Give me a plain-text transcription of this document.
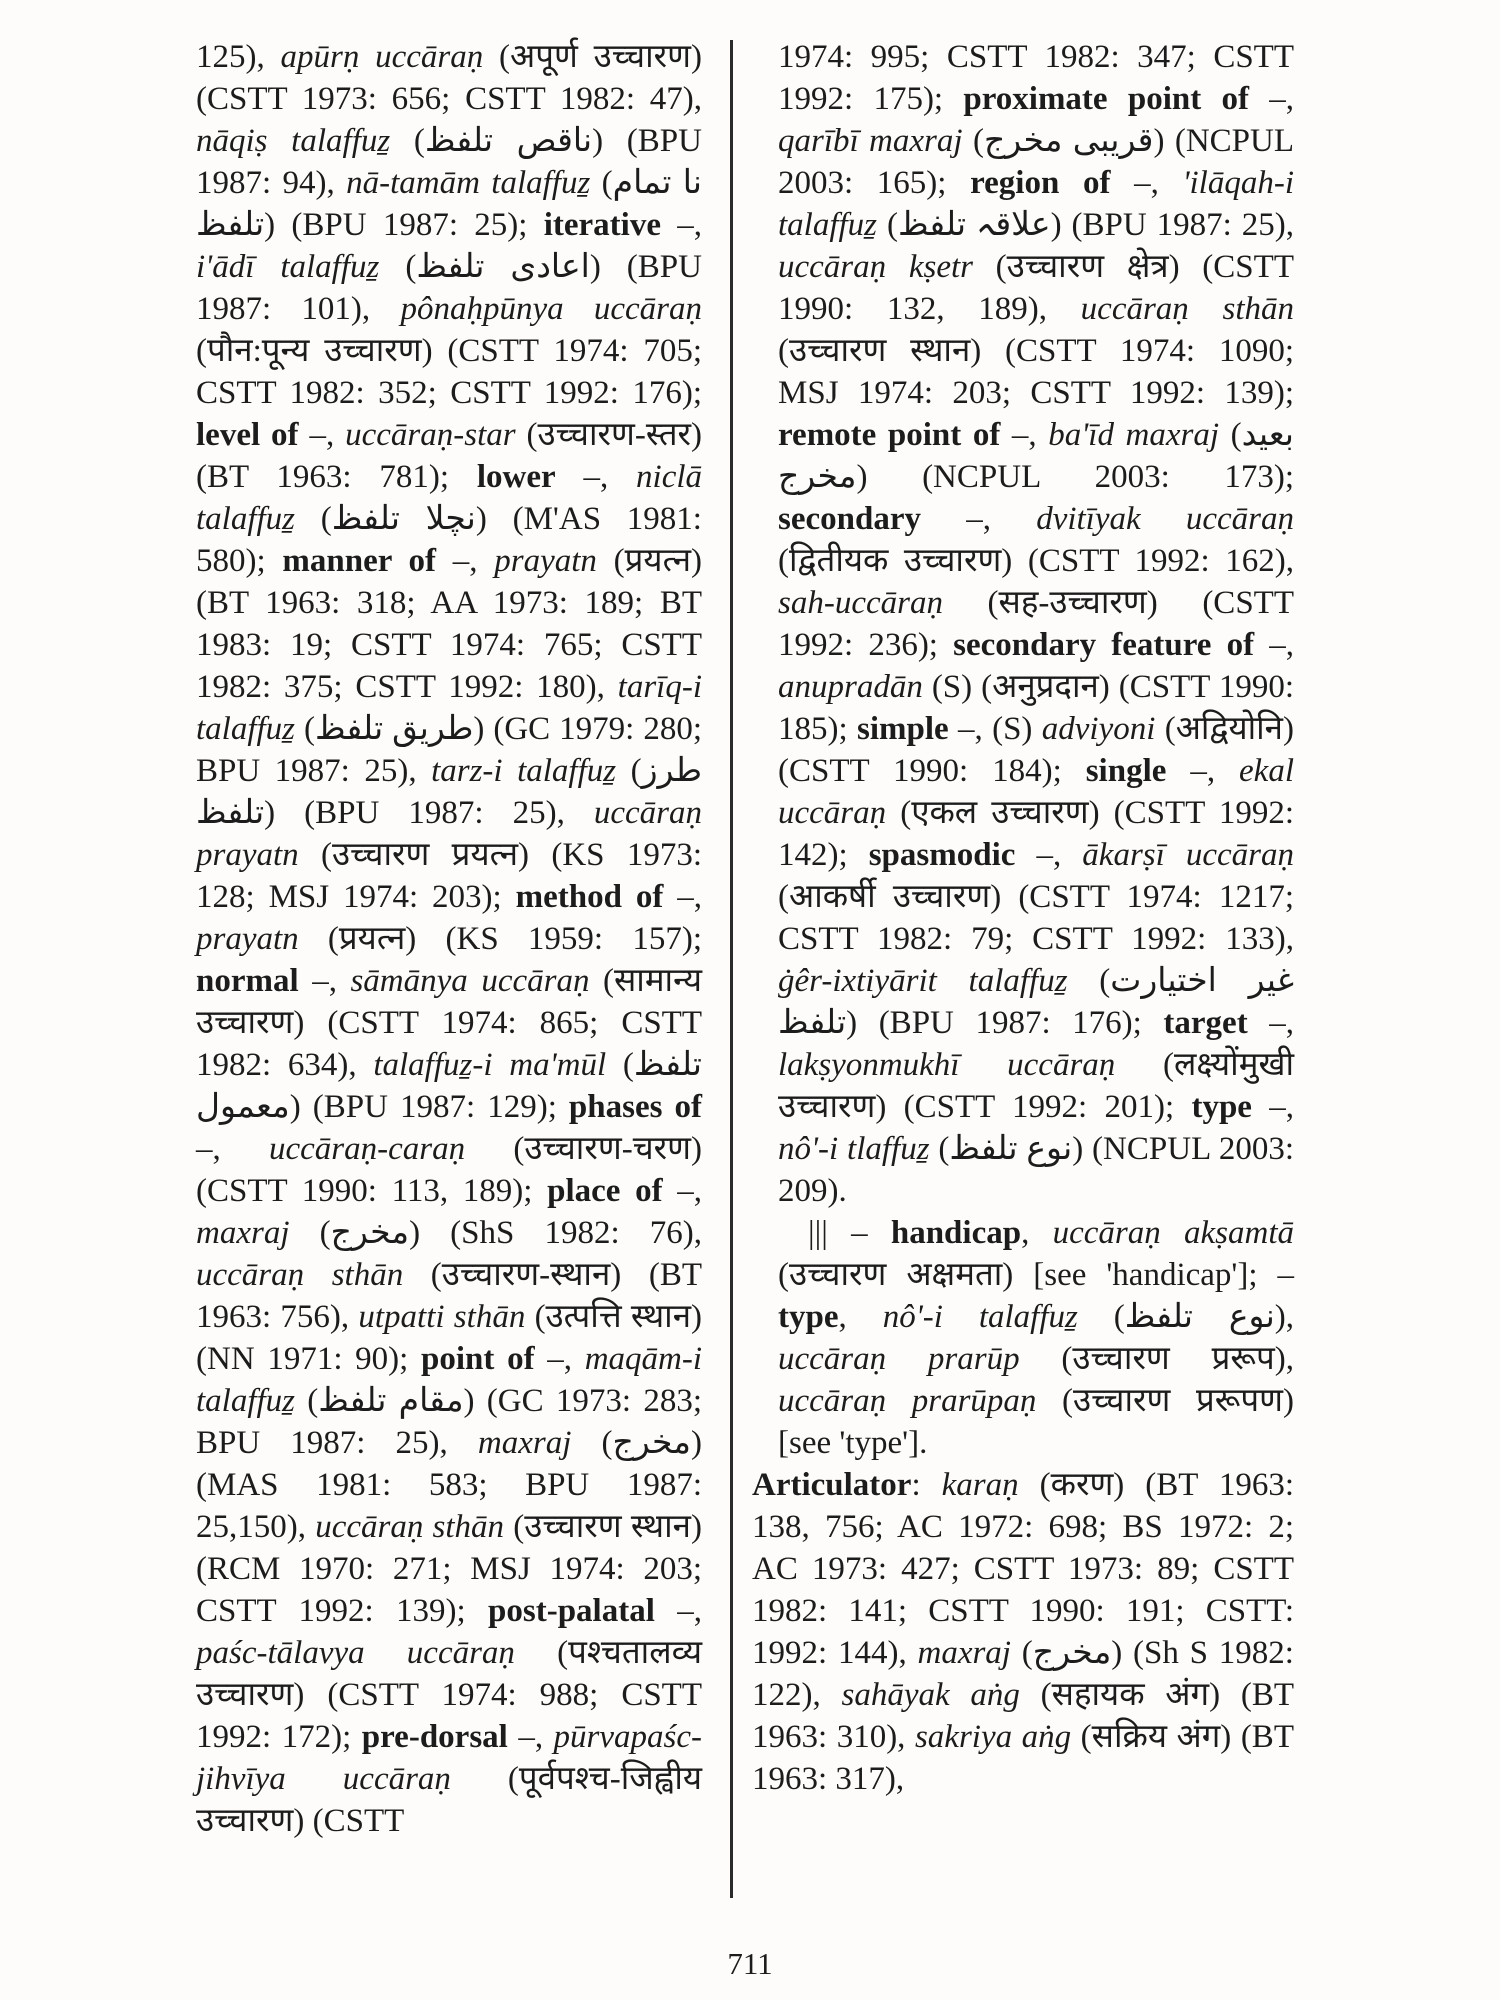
125), apūrṇ uccāraṇ (अपूर्ण उच्चारण) (CSTT 1973: 656; CSTT 1982: 47), nāqiṣ talaffuẕ (ناقص تلفظ) (BPU 1987: 94), nā-tamām talaffuẕ (نا تمام تلفظ) (BPU 1987: 25); iterative –, i'ādī talaffuẕ (اعادی تلفظ) (BPU 1987: 101), pônaḥpūnya uccāraṇ (पौन:पून्य उच्चारण) (CSTT 1974: 705; CSTT 1982: 352; CSTT 1992: 176); level of –, uccāraṇ-star (उच्चारण-स्तर) (BT 1963: 781); lower –, niclā talaffuẕ (نچلا تلفظ) (M'AS 1981: 580); manner of –, prayatn (प्रयत्न) (BT 1963: 318; AA 1973: 189; BT 1983: 19; CSTT 1974: 765; CSTT 1982: 375; CSTT 1992: 180), tarīq-i talaffuẕ (طریق تلفظ) (GC 1979: 280; BPU 1987: 25), tarz-i talaffuẕ (طرز تلفظ) (BPU 1987: 25), uccāraṇ prayatn (उच्चारण प्रयत्न) (KS 1973: 128; MSJ 1974: 203); method of –, prayatn (प्रयत्न) (KS 1959: 157); normal –, sāmānya uccāraṇ (सामान्य उच्चारण) (CSTT 1974: 865; CSTT 1982: 634), talaffuẕ-i ma'mūl (تلفظ معمول) (BPU 1987: 129); phases of –, uccāraṇ-caraṇ (उच्चारण-चरण) (CSTT 1990: 113, 189); place of –, maxraj (مخرج) (ShS 1982: 76), uccāraṇ sthān (उच्चारण-स्थान) (BT 1963: 756), utpatti sthān (उत्पत्ति स्थान) (NN 1971: 90); point of –, maqām-i talaffuẕ (مقام تلفظ) (GC 1973: 283; BPU 1987: 25), maxraj (مخرج) (MAS 1981: 583; BPU 1987: 25,150), uccāraṇ sthān (उच्चारण स्थान) (RCM 1970: 271; MSJ 1974: 203; CSTT 1992: 139); post-palatal –, paśc-tālavya uccāraṇ (पश्चतालव्य उच्चारण) (CSTT 1974: 988; CSTT 1992: 172); pre-dorsal –, pūrvapaśc-jihvīya uccāraṇ (पूर्वपश्च-जिह्वीय उच्चारण) (CSTT

1974: 995; CSTT 1982: 347; CSTT 1992: 175); proximate point of –, qarībī maxraj (قریبی مخرج) (NCPUL 2003: 165); region of –, 'ilāqah-i talaffuẕ (علاقہ تلفظ) (BPU 1987: 25), uccāraṇ kṣetr (उच्चारण क्षेत्र) (CSTT 1990: 132, 189), uccāraṇ sthān (उच्चारण स्थान) (CSTT 1974: 1090; MSJ 1974: 203; CSTT 1992: 139); remote point of –, ba'īd maxraj (بعید مخرج) (NCPUL 2003: 173); secondary –, dvitīyak uccāraṇ (द्वितीयक उच्चारण) (CSTT 1992: 162), sah-uccāraṇ (सह-उच्चारण) (CSTT 1992: 236); secondary feature of –, anupradān (S) (अनुप्रदान) (CSTT 1990: 185); simple –, (S) adviyoni (अद्वियोनि) (CSTT 1990: 184); single –, ekal uccāraṇ (एकल उच्चारण) (CSTT 1992: 142); spasmodic –, ākarṣī uccāraṇ (आकर्षी उच्चारण) (CSTT 1974: 1217; CSTT 1982: 79; CSTT 1992: 133), ġêr-ixtiyārit talaffuẕ (غیر اختیارت تلفظ) (BPU 1987: 176); target –, lakṣyonmukhī uccāraṇ (लक्ष्योंमुखी उच्चारण) (CSTT 1992: 201); type –, nô'-i tlaffuẕ (نوع تلفظ) (NCPUL 2003: 209).

||| – handicap, uccāraṇ akṣamtā (उच्चारण अक्षमता) [see 'handicap']; – type, nô'-i talaffuẕ (نوع تلفظ), uccāraṇ prarūp (उच्चारण प्ररूप), uccāraṇ prarūpaṇ (उच्चारण प्ररूपण) [see 'type'].

Articulator: karaṇ (करण) (BT 1963: 138, 756; AC 1972: 698; BS 1972: 2; AC 1973: 427; CSTT 1973: 89; CSTT 1982: 141; CSTT 1990: 191; CSTT: 1992: 144), maxraj (مخرج) (Sh S 1982: 122), sahāyak aṅg (सहायक अंग) (BT 1963: 310), sakriya aṅg (सक्रिय अंग) (BT 1963: 317),

711
